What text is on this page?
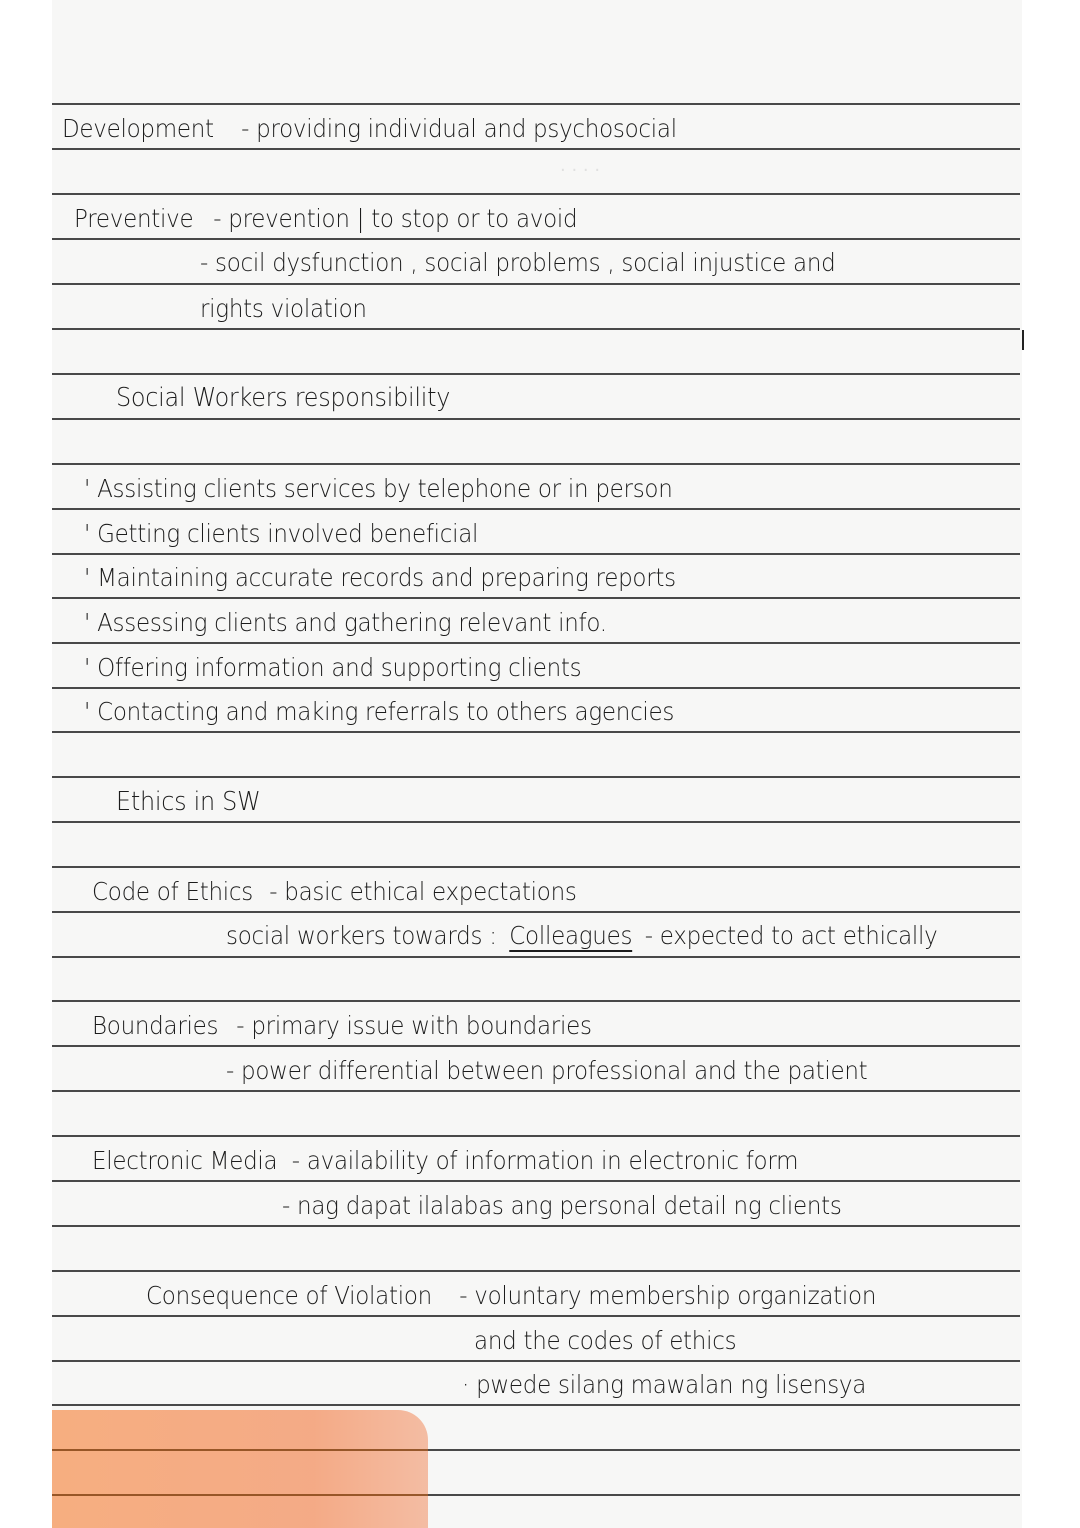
· · · ·
Development - providing individual and psychosocial
Preventive - prevention | to stop or to avoid
- socil dysfunction , social problems , social injustice and
rights violation
Social Workers responsibility
' Assisting clients services by telephone or in person
' Getting clients involved beneficial
' Maintaining accurate records and preparing reports
' Assessing clients and gathering relevant info.
' Offering information and supporting clients
' Contacting and making referrals to others agencies
Ethics in SW
Code of Ethics - basic ethical expectations
social workers towards : Colleagues - expected to act ethically
Boundaries - primary issue with boundaries
- power differential between professional and the patient
Electronic Media - availability of information in electronic form
- nag dapat ilalabas ang personal detail ng clients
Consequence of Violation - voluntary membership organization
and the codes of ethics
· pwede silang mawalan ng lisensya
